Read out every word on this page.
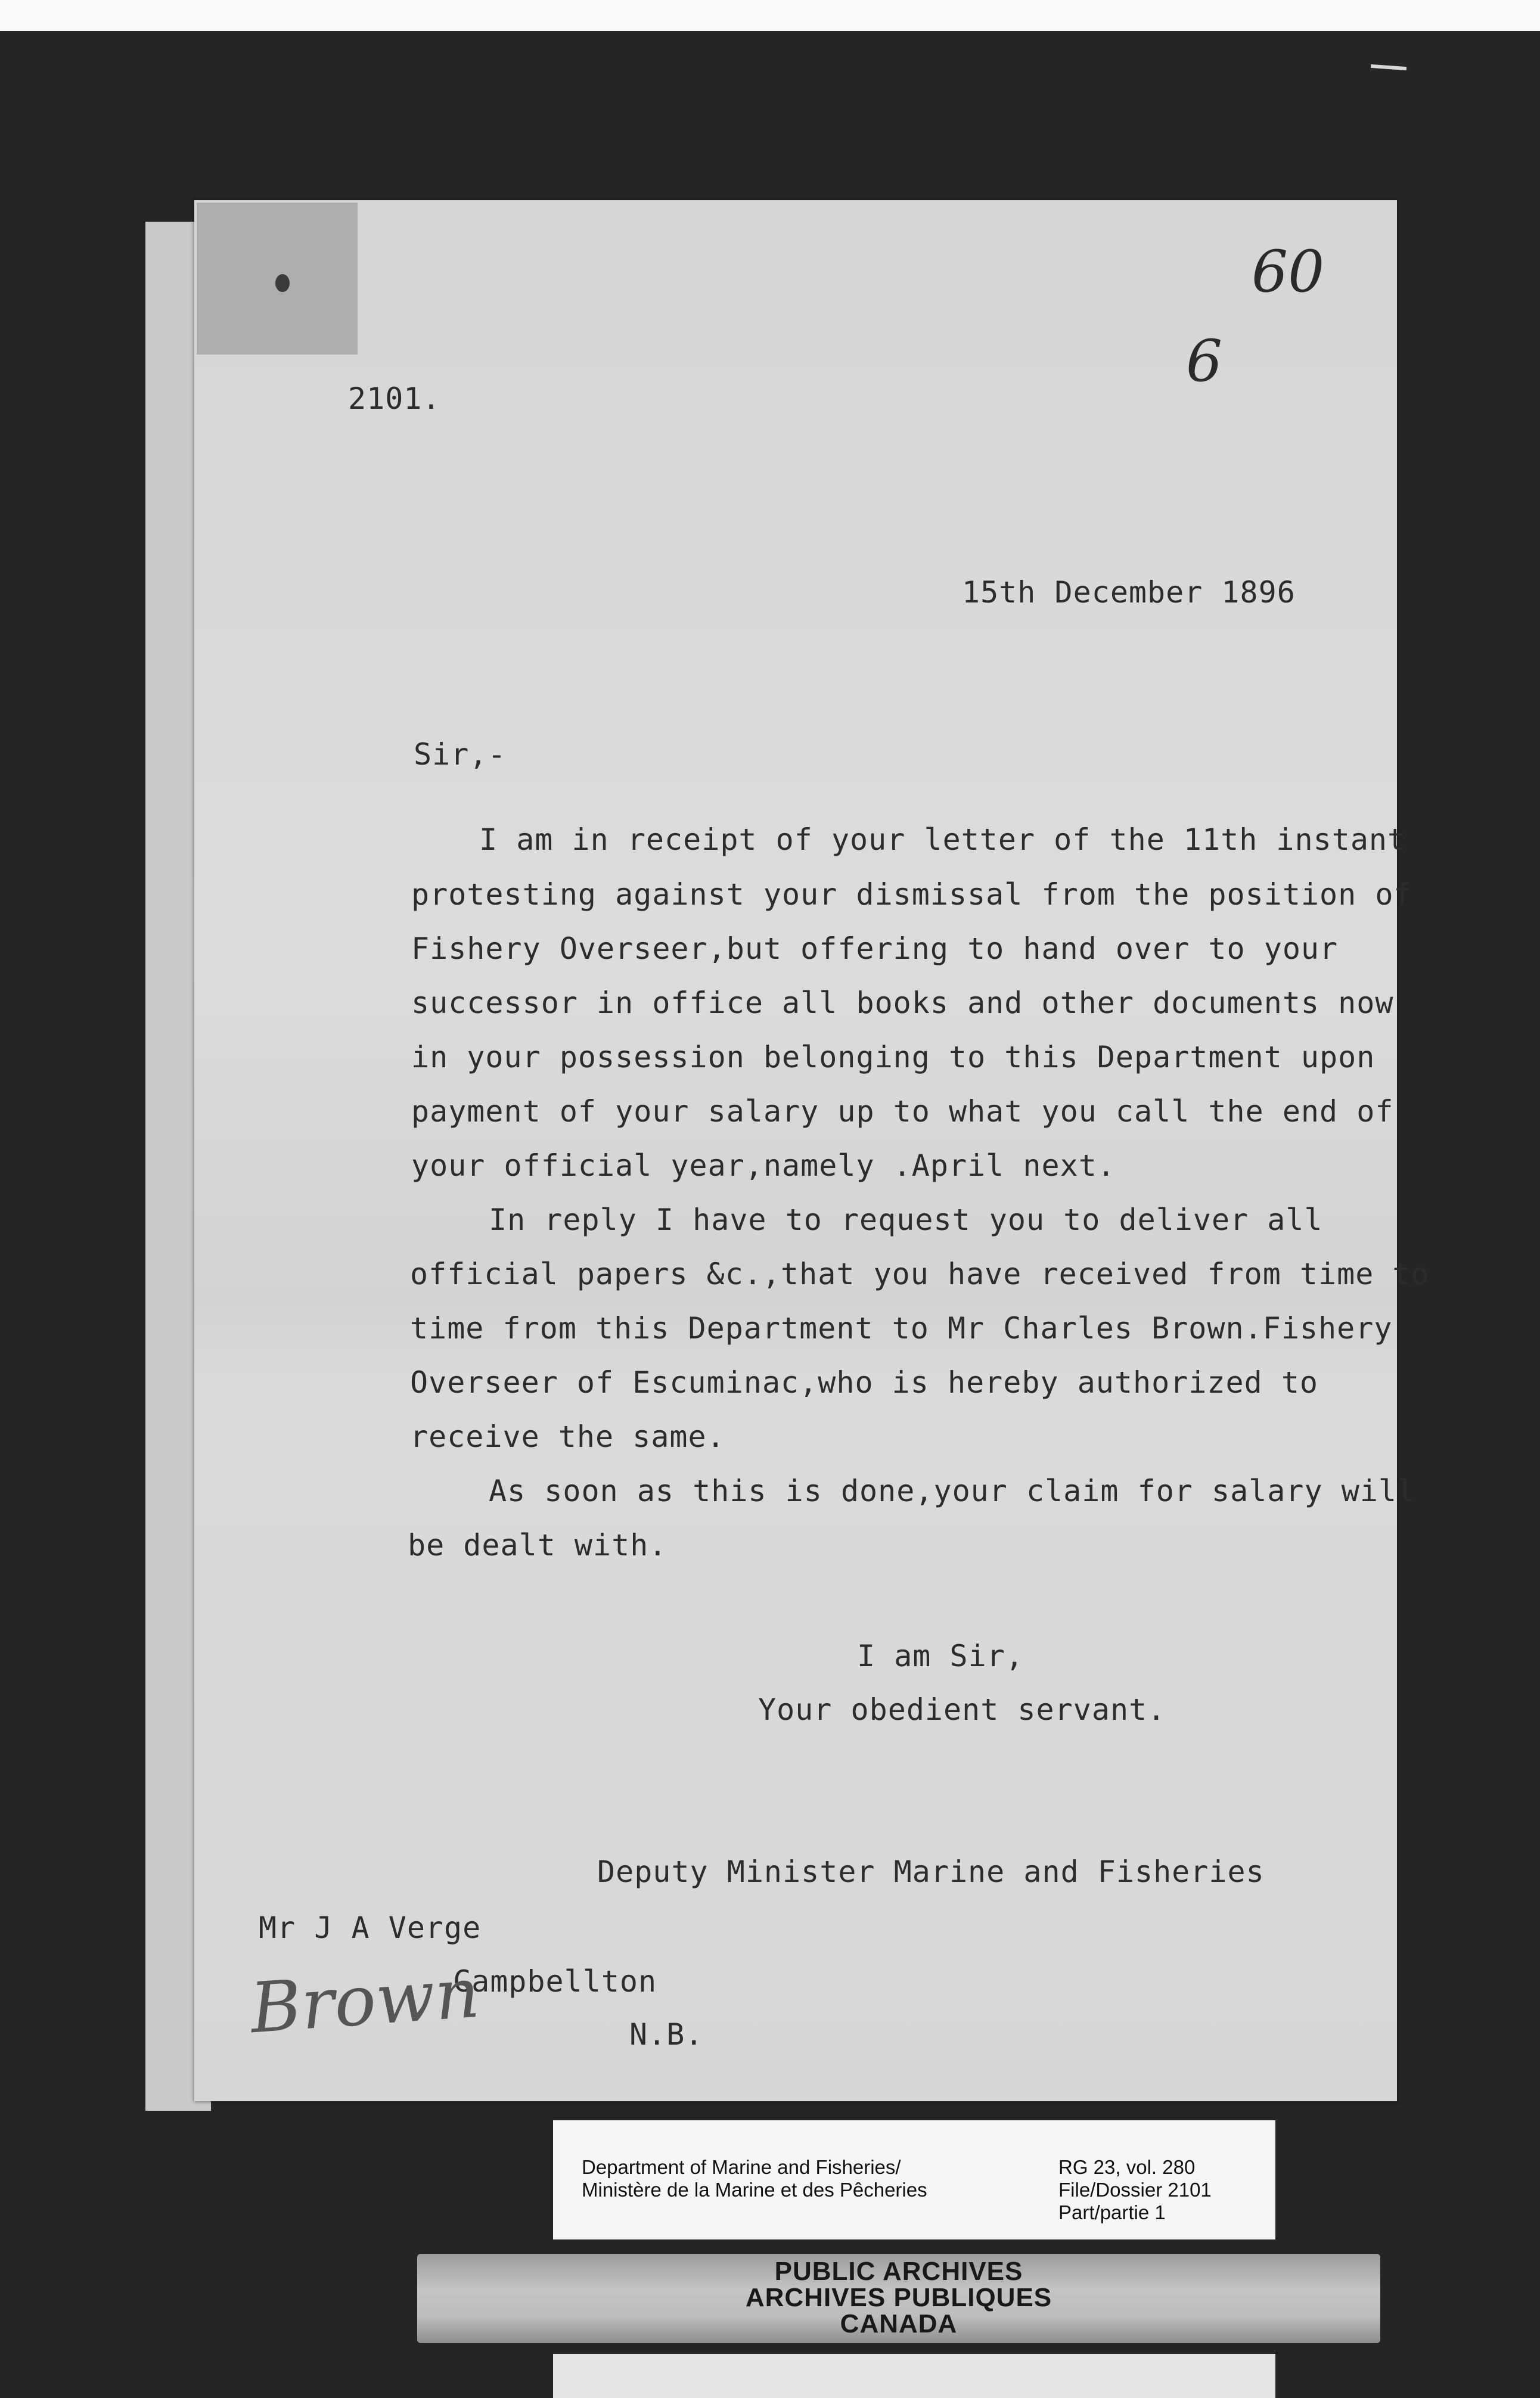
2101.
60
6
15th December 1896
Sir,-
I am in receipt of your letter of the 11th instant
protesting against your dismissal from the position of
Fishery Overseer,but offering to hand over to your
successor in office all books and other documents now
in your possession belonging to this Department upon
payment of your salary up to what you call the end of
your official year,namely .April next.
In reply I have to request you to deliver all
official papers &c.,that you have received from time to
time from this Department to Mr Charles Brown.Fishery
Overseer of Escuminac,who is hereby authorized to
receive the same.
As soon as this is done,your claim for salary will
be dealt with.
I am Sir,
Your obedient servant.
Deputy Minister Marine and Fisheries
Mr J A Verge
Campbellton
N.B.
Brown
Department of Marine and Fisheries/
Ministère de la Marine et des Pêcheries
RG 23, vol. 280
File/Dossier 2101
Part/partie 1
PUBLIC ARCHIVES
ARCHIVES PUBLIQUES
CANADA
